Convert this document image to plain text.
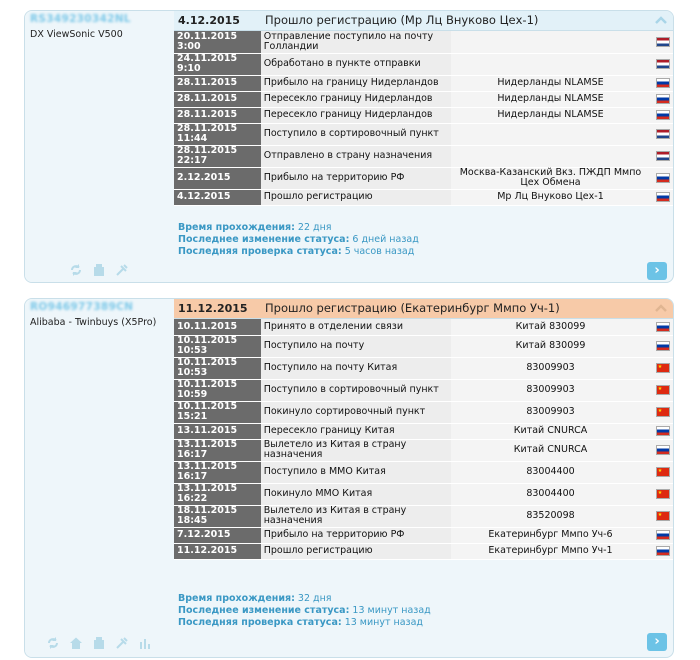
RS349230342NL
DX ViewSonic V500
4.12.2015	Прошло регистрацию (Мр Лц Внуково Цех-1)
20.11.2015 3:00	Отправление поступило на почту Голландии		
24.11.2015 9:10	Обработано в пункте отправки		
28.11.2015	Прибыло на границу Нидерландов	Нидерланды NLAMSE	
28.11.2015	Пересекло границу Нидерландов	Нидерланды NLAMSE	
28.11.2015	Пересекло границу Нидерландов	Нидерланды NLAMSE	
28.11.2015 11:44	Поступило в сортировочный пункт		
28.11.2015 22:17	Отправлено в страну назначения		
2.12.2015	Прибыло на территорию РФ	Москва-Казанский Вкз. ПЖДП Ммпо Цех Обмена	
4.12.2015	Прошло регистрацию	Мр Лц Внуково Цех-1	
Время прохождения: 22 дня
Последнее изменение статуса: 6 дней назад
Последняя проверка статуса: 5 часов назад
›
RO946977389CN
Alibaba - Twinbuys (X5Pro)
11.12.2015	Прошло регистрацию (Екатеринбург Ммпо Уч-1)
10.11.2015	Принято в отделении связи	Китай 830099	
10.11.2015 10:53	Поступило на почту	Китай 830099	
10.11.2015 10:53	Поступило на почту Китая	83009903	★
10.11.2015 10:59	Поступило в сортировочный пункт	83009903	★
10.11.2015 15:21	Покинуло сортировочный пункт	83009903	★
13.11.2015	Пересекло границу Китая	Китай CNURCA	
13.11.2015 16:17	Вылетело из Китая в страну назначения	Китай CNURCA	
13.11.2015 16:17	Поступило в ММО Китая	83004400	★
13.11.2015 16:22	Покинуло ММО Китая	83004400	★
18.11.2015 18:45	Вылетело из Китая в страну назначения	83520098	★
7.12.2015	Прибыло на территорию РФ	Екатеринбург Ммпо Уч-6	
11.12.2015	Прошло регистрацию	Екатеринбург Ммпо Уч-1	
Время прохождения: 32 дня
Последнее изменение статуса: 13 минут назад
Последняя проверка статуса: 13 минут назад
›
